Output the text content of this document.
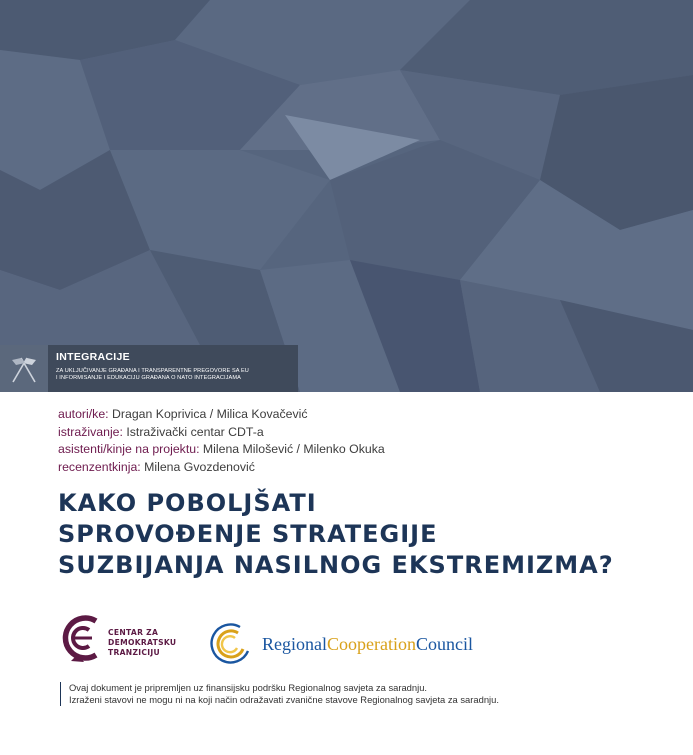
INTEGRACIJE
ZA UKLJUČIVANJE GRAĐANA I TRANSPARENTNE PREGOVORE SA EU
I INFORMISANJE I EDUKACIJU GRAĐANA O NATO INTEGRACIJAMA
autori/ke: Dragan Koprivica / Milica Kovačević
istraživanje: Istraživački centar CDT-a
asistenti/kinje na projektu: Milena Milošević / Milenko Okuka
recenzentkinja: Milena Gvozdenović
KAKO POBOLJŠATI
SPROVOĐENJE STRATEGIJE
SUZBIJANJA NASILNOG EKSTREMIZMA?
CENTAR ZA
DEMOKRATSKU
TRANZICIJU	RegionalCooperationCouncil
Ovaj dokument je pripremljen uz finansijsku podršku Regionalnog savjeta za saradnju.
Izraženi stavovi ne mogu ni na koji način odražavati zvanične stavove Regionalnog savjeta za saradnju.
